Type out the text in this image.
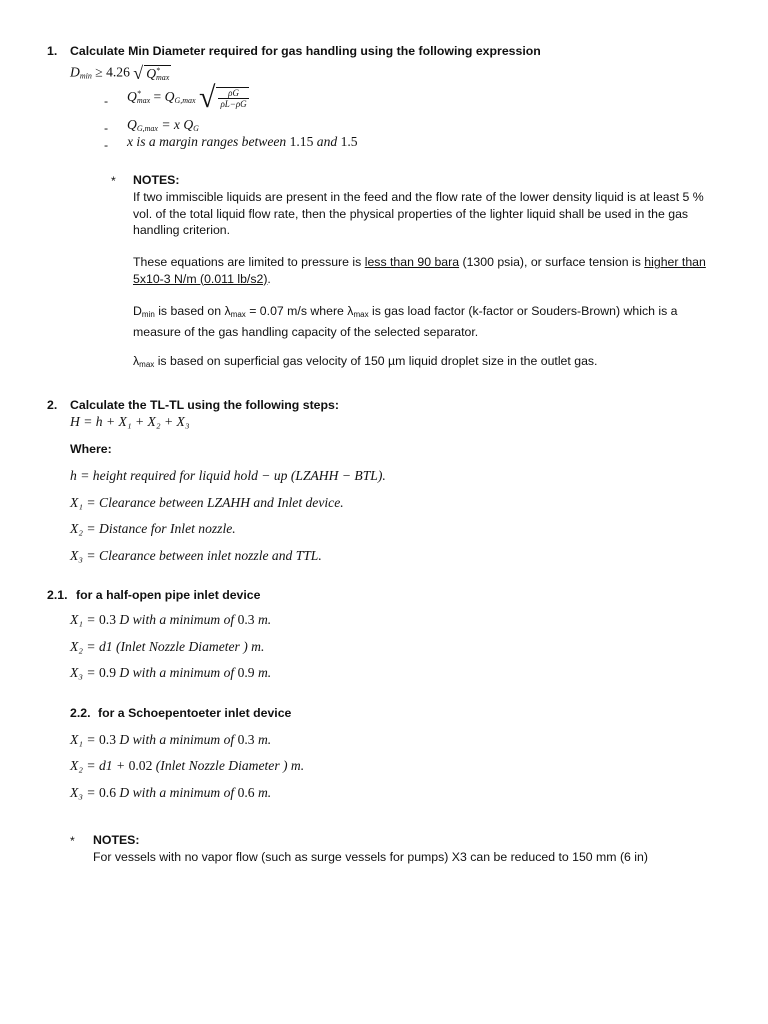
1. Calculate Min Diameter required for gas handling using the following expression
$D_{min} \ge 4.26$ √ $Q^*_{max}$
- $Q^*_{max} = Q_{G,max}$ √ $\frac{\rho G}{\rho L-\rho G}$
- $Q_{G,max} = x$ $Q_G$
- x is a margin ranges between 1.15 and 1.5
* NOTES:
If two immiscible liquids are present in the feed and the flow rate of the lower density liquid is at least 5 % vol. of the total liquid flow rate, then the physical properties of the lighter liquid shall be used in the gas handling criterion.
These equations are limited to pressure is less than 90 bara (1300 psia), or surface tension is higher than 5x10-3 N/m (0.011 lb/s2).
$D_{min}$ is based on $\lambda_{max} = 0.07$ m/s where $\lambda_{max}$ is gas load factor (k-factor or Souders-Brown) which is a measure of the gas handling capacity of the selected separator.
$\lambda_{max}$ is based on superficial gas velocity of 150 µm liquid droplet size in the outlet gas.
2. Calculate the TL-TL using the following steps:
H = h + X₁ + X₂ + X₃
Where:
h = height required for liquid hold − up (LZAHH − BTL).
X₁ = Clearance between LZAHH and Inlet device.
X₂ = Distance for Inlet nozzle.
X₃ = Clearance between inlet nozzle and TTL.
2.1. for a half-open pipe inlet device
X₁ = 0.3 D with a minimum of 0.3 m.
X₂ = d1 (Inlet Nozzle Diameter ) m.
X₃ = 0.9 D with a minimum of 0.9 m.
2.2. for a Schoepentoeter inlet device
X₁ = 0.3 D with a minimum of 0.3 m.
X₂ = d1 + 0.02 (Inlet Nozzle Diameter ) m.
X₃ = 0.6 D with a minimum of 0.6 m.
* NOTES:
For vessels with no vapor flow (such as surge vessels for pumps) X3 can be reduced to 150 mm (6 in)
